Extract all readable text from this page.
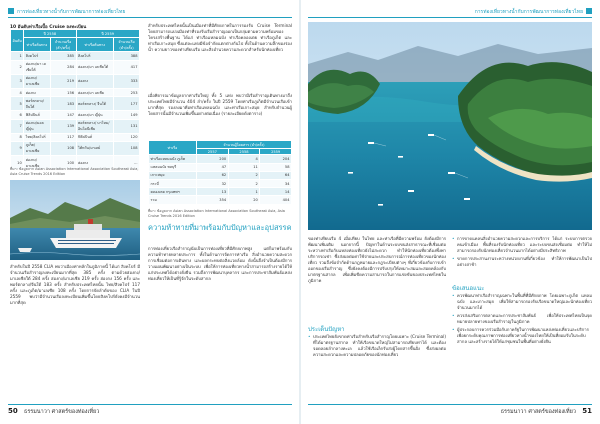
การท่องเที่ยวทางน้ำกับการพัฒนาการท่องเที่ยวไทย
10 อันดับท่าเรือเบื้อ Cruise ลงทะเบียน
อันดับ	ปี 2558		ปี 2559	
	ท่าเรือต้นทาง	จำนวนเรือ (ลำ/ครั้ง)	ท่าเรือต้นทาง	จำนวนเรือ (ลำ/ครั้ง)
1	สิงคโปร์	385	สิงคโปร์	388
2	ฮ่องกง/มา เลเซียใต้	284	ฮ่องกง/มา เลเซียใต้	417
3	ฮ่องกง/ มาเลเซีย	219	ฮ่องกง	333
4	ฮ่องกง	156	ฮ่องกง/มา เลเซีย	253
5	พอร์ตกลาง/ จีนใต้	183	พอร์ตกลาง/ จีนใต้	177
6	ฟิลิปปินส์	147	ฮ่องกง/มา ญี่ปุ่น	149
7	ฮ่องกง/มอล ญี่ปุ่น	139	พอร์ตกลาง/ บาโหม/อินโดนีเซีย	131
8	ไทย/สิงคโปร์	117	ฟิลิปปินส์	120
9	ภูเก็ต/ มาเลเซีย	108	ไต้หวัน/มาเลย์	108
10	ฮ่องกง/ มาเลเซีย	100	ฮ่องกง	...
ที่มา: ข้อมูลจาก Asian Association International Association Southeast Asia, Asia Cruise Trends 2016 Edition
สำหรับในปี 2558 CLIA พบว่าเมืองท่าหลักในภูมิภาคนี้ ได้แก่ สิงคโปร์ มีจำนวนเรือสำราญลงทะเบียนมากที่สุด 385 ครั้ง ตามด้วยฮ่องกง/มาเลเซียใต้ 284 ครั้ง ฮ่องกง/มาเลเซีย 219 ครั้ง ฮ่องกง 156 ครั้ง และพอร์ตกลาง/จีนใต้ 183 ครั้ง สำหรับประเทศไทยนั้น ไทย/สิงคโปร์ 117 ครั้ง และภูเก็ต/มาเลเซีย 108 ครั้ง โดยการจัดลำดับของ CLIA ในปี 2559 พบว่ามีจำนวนเรือลงทะเบียนเพิ่มขึ้นโดยสิงคโปร์ยังคงมีจำนวนมากที่สุด
สำหรับประเทศไทยนั้นเป็นเมืองท่าที่มีศักยภาพในการรองรับ Cruise Terminal โดยสามารถแบ่งเมืองท่าที่รองรับเรือสำราญออกเป็นกลุ่มตามความพร้อมของโครงสร้างพื้นฐาน ได้แก่ ท่าเรือแหลมฉบัง ท่าเรือคลองเตย ท่าเรือภูเก็ต และท่าเรือเกาะสมุย ซึ่งแต่ละแห่งมีข้อจำกัดแตกต่างกันไป ทั้งในด้านความลึกของร่องน้ำ ความยาวของท่าเทียบเรือ และสิ่งอำนวยความสะดวกสำหรับนักท่องเที่ยว
เมื่อพิจารณาข้อมูลจากท่าเรือใหญ่ ทั้ง 5 แห่ง พบว่ามีเรือสำราญเดินทางมาถึงประเทศไทยมีจำนวน 404 ลำ/ครั้ง ในปี 2559 โดยท่าเรือภูเก็ตมีจำนวนเรือเข้ามากที่สุด รองลงมาคือท่าเรือแหลมฉบัง และท่าเรือเกาะสมุย สำหรับจำนวนผู้โดยสารนั้นมีจำนวนเพิ่มขึ้นอย่างต่อเนื่อง (รายละเอียดดังตาราง)
ท่าเรือ	จำนวนผู้โดยสาร (ลำ/ครั้ง)		
	2557	2558	2559
ท่าเรือแหลมฉบัง ภูเก็ต	200	4	204
แหลมฉบัง ชลบุรี	47	11	58
เกาะสมุย	62	2	64
กระบี่	32	2	34
คลองเตย กรุงเทพฯ	13	1	14
รวม	354	20	404
ที่มา: ข้อมูลจาก Asian Association International Association Southeast Asia, Asia Cruise Trends 2016 Edition
ความท้าทายที่มาพร้อมกับปัญหาและอุปสรรค
การท่องเที่ยวเรือสำราญนับเป็นการท่องเที่ยวที่มีศักยภาพสูง แต่ก็มาพร้อมกับความท้าทายหลายประการ ทั้งในด้านการจัดการท่าเรือ สิ่งอำนวยความสะดวก การเชื่อมต่อการเดินทาง และผลกระทบต่อสิ่งแวดล้อม ดังนั้นจึงจำเป็นต้องมีการวางแผนพัฒนาอย่างเป็นระบบ เพื่อให้การท่องเที่ยวทางน้ำสามารถสร้างรายได้ให้แก่ประเทศได้อย่างยั่งยืน รวมถึงการพัฒนาบุคลากร และการประชาสัมพันธ์แหล่งท่องเที่ยวให้เป็นที่รู้จักในระดับสากล
50 ธรรมนาวา ศาสตร์ของท่องเที่ยว
การท่องเที่ยวทางน้ำกับการพัฒนาการท่องเที่ยวไทย
ของท่าเทียบเรือ 4 เมื่อเทียบ ในไทย และท่าเรือที่มีความพร้อม ยังต้องมีการพัฒนาเพิ่มเติม นอกจากนี้ ปัญหาในด้านระบบขนส่งสาธารณะที่เชื่อมต่อระหว่างท่าเรือกับแหล่งท่องเที่ยวยังไม่สะดวก ทำให้นักท่องเที่ยวต้องพึ่งพาบริการรถเช่า ซึ่งส่งผลต่อค่าใช้จ่ายและประสบการณ์การท่องเที่ยวของนักท่องเที่ยว รวมถึงข้อจำกัดด้านกฎหมายและกฎระเบียบต่างๆ ที่เกี่ยวข้องกับการเข้าออกของเรือสำราญ ซึ่งยังคงต้องมีการปรับปรุงให้เหมาะสมและสอดคล้องกับมาตรฐานสากล เพื่อเพิ่มขีดความสามารถในการแข่งขันของประเทศไทยในภูมิภาค
ประเด็นปัญหา
• ประเทศไทยยังขาดท่าเรือสำหรับเรือสำราญโดยเฉพาะ (Cruise Terminal) ที่ได้มาตรฐานสากล ทำให้เรือขนาดใหญ่ไม่สามารถเทียบท่าได้ และต้องจอดลอยลำกลางทะเล แล้วใช้เรือเล็กรับส่งผู้โดยสารขึ้นฝั่ง ซึ่งส่งผลต่อความสะดวกและความปลอดภัยของนักท่องเที่ยว
• การขาดแคลนสิ่งอำนวยความสะดวกและการบริการ ได้แก่ ระบบการตรวจคนเข้าเมือง พื้นที่รองรับนักท่องเที่ยว และระบบขนส่งเชื่อมต่อ ทำให้ไม่สามารถรองรับนักท่องเที่ยวจำนวนมากได้อย่างมีประสิทธิภาพ
• ขาดการประสานงานระหว่างหน่วยงานที่เกี่ยวข้อง ทำให้การพัฒนาเป็นไปอย่างล่าช้า
ข้อเสนอแนะ
• ควรพัฒนาท่าเรือสำราญเฉพาะในพื้นที่ที่มีศักยภาพ โดยเฉพาะภูเก็ต แหลมฉบัง และเกาะสมุย เพื่อให้สามารถรองรับเรือขนาดใหญ่และนักท่องเที่ยวจำนวนมากได้
• ควรส่งเสริมการตลาดและการประชาสัมพันธ์ เพื่อให้ประเทศไทยเป็นจุดหมายปลายทางของเรือสำราญในภูมิภาค
• ผู้ประกอบการควรร่วมมือกับภาครัฐในการพัฒนาแหล่งท่องเที่ยวและบริการ เพื่อยกระดับคุณภาพการท่องเที่ยวทางน้ำของไทยให้เป็นที่ยอมรับในระดับสากล และสร้างรายได้ให้แก่ชุมชนในพื้นที่อย่างยั่งยืน
ธรรมนาวา ศาสตร์ของท่องเที่ยว 51
